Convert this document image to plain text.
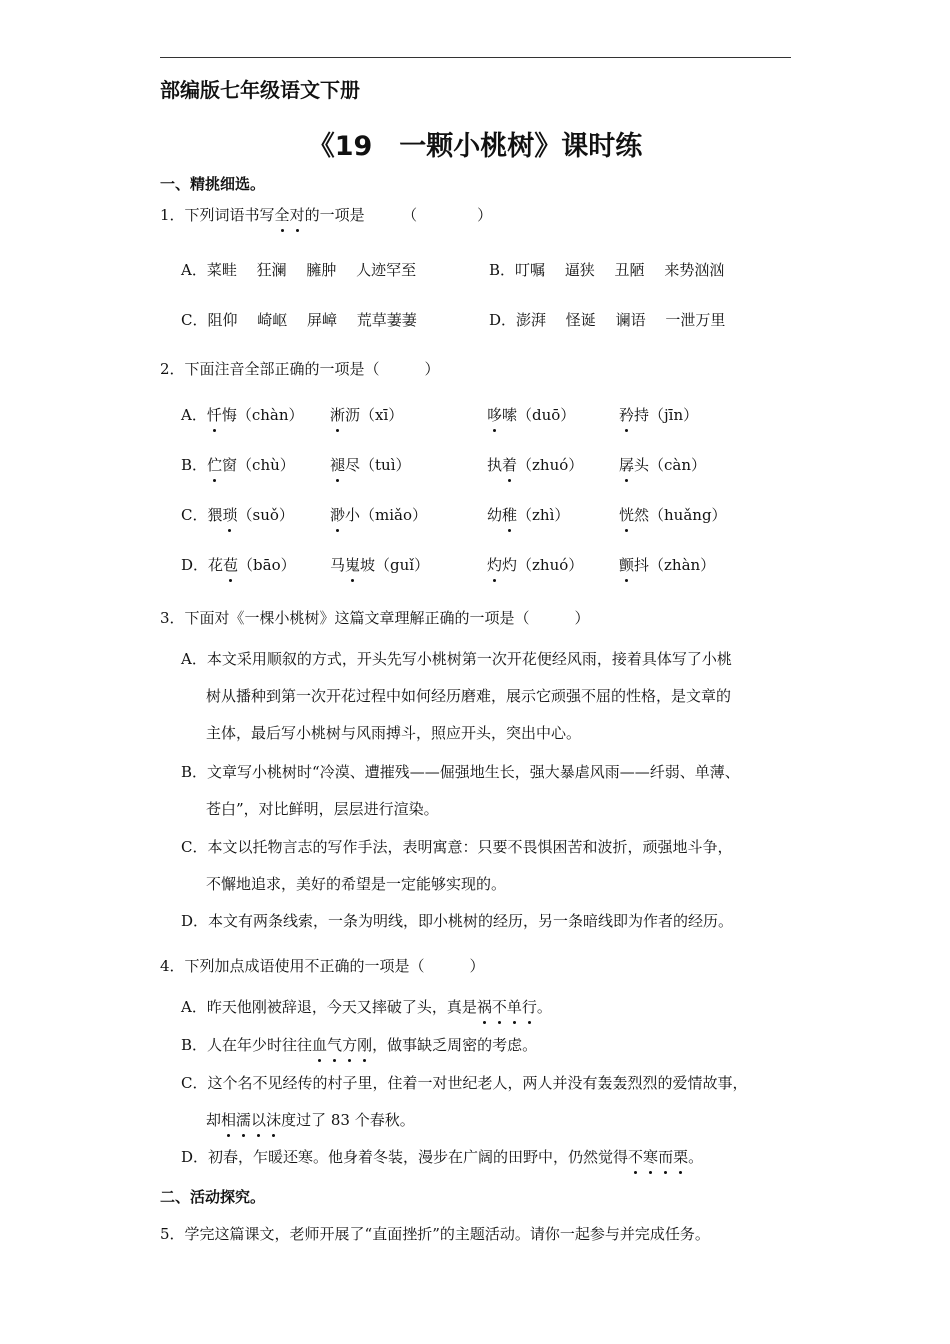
部编版七年级语文下册
《19　一颗小桃树》课时练
一、精挑细选。
1．下列词语书写全对的一项是　　　（　　　　）
A．菜畦　 狂澜　 臃肿　 人迹罕至	B．叮嘱　 逼狭　 丑陋　 来势汹汹
C．阻仰　 崎岖　 屏嶂　 荒草萋萋	D．澎湃　 怪诞　 谰语　 一泄万里
2．下面注音全部正确的一项是（　　　）
A．忏悔（chàn） 淅沥（xī）	哆嗦（duō）	矜持（jīn）
B．伫窗（chù） 褪尽（tuì）	执着（zhuó） 孱头（càn）
C．猥琐（suǒ） 渺小（miǎo）	幼稚（zhì）	恍然（huǎng）
D．花苞（bāo） 马嵬坡（guǐ）	灼灼（zhuó） 颤抖（zhàn）
3．下面对《一棵小桃树》这篇文章理解正确的一项是（　　　）
A．本文采用顺叙的方式，开头先写小桃树第一次开花便经风雨，接着具体写了小桃
树从播种到第一次开花过程中如何经历磨难，展示它顽强不屈的性格，是文章的
主体，最后写小桃树与风雨搏斗，照应开头，突出中心。
B．文章写小桃树时“冷漠、遭摧残——倔强地生长，强大暴虐风雨——纤弱、单薄、
苍白”，对比鲜明，层层进行渲染。
C．本文以托物言志的写作手法，表明寓意：只要不畏惧困苦和波折，顽强地斗争，
不懈地追求，美好的希望是一定能够实现的。
D．本文有两条线索，一条为明线，即小桃树的经历，另一条暗线即为作者的经历。
4．下列加点成语使用不正确的一项是（　　　）
A．昨天他刚被辞退，今天又摔破了头，真是祸不单行。
B．人在年少时往往血气方刚，做事缺乏周密的考虑。
C．这个名不见经传的村子里，住着一对世纪老人，两人并没有轰轰烈烈的爱情故事，
却相濡以沫度过了 83 个春秋。
D．初春，乍暖还寒。他身着冬装，漫步在广阔的田野中，仍然觉得不寒而栗。
二、活动探究。
5．学完这篇课文，老师开展了“直面挫折”的主题活动。请你一起参与并完成任务。
